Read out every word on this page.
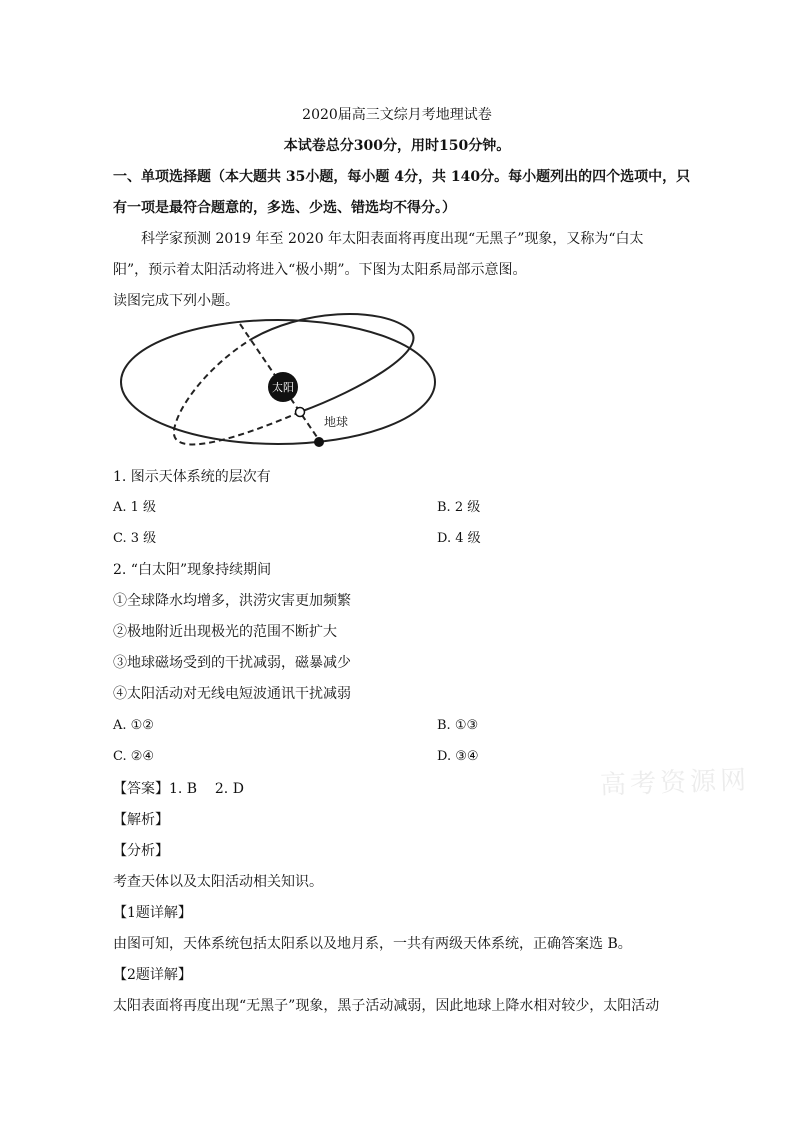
2020届高三文综月考地理试卷
本试卷总分300分，用时150分钟。
一、单项选择题（本大题共 35小题，每小题 4分，共 140分。每小题列出的四个选项中，只
有一项是最符合题意的，多选、少选、错选均不得分。）
科学家预测 2019 年至 2020 年太阳表面将再度出现“无黑子”现象，又称为“白太
阳”，预示着太阳活动将进入“极小期”。下图为太阳系局部示意图。
读图完成下列小题。
太阳
地球
1. 图示天体系统的层次有
A. 1 级	B. 2 级
C. 3 级	D. 4 级
2. “白太阳”现象持续期间
①全球降水均增多，洪涝灾害更加频繁
②极地附近出现极光的范围不断扩大
③地球磁场受到的干扰减弱，磁暴减少
④太阳活动对无线电短波通讯干扰减弱
A. ①②	B. ①③
C. ②④	D. ③④
高考资源网
【答案】1. B    2. D
【解析】
【分析】
考查天体以及太阳活动相关知识。
【1题详解】
由图可知，天体系统包括太阳系以及地月系，一共有两级天体系统，正确答案选 B。
【2题详解】
太阳表面将再度出现“无黑子”现象，黑子活动减弱，因此地球上降水相对较少，太阳活动
